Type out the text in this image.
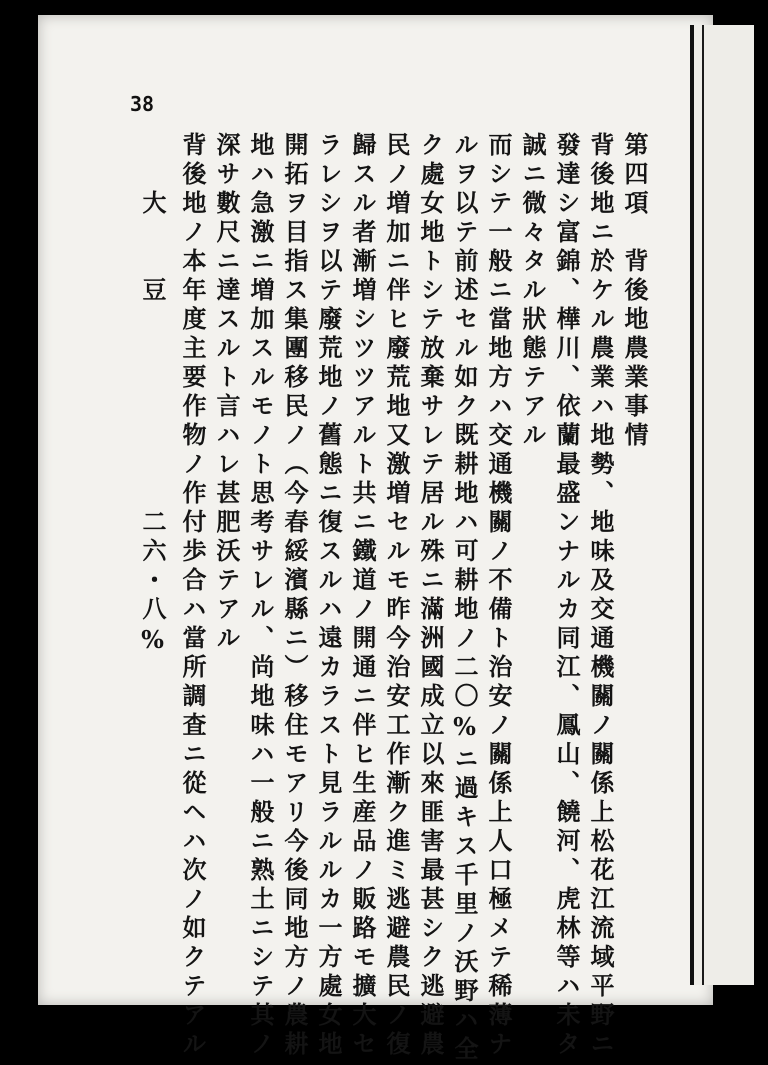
38
第四項　背後地農業事情
背後地ニ於ケル農業ハ地勢、地味及交通機關ノ關係上松花江流域平野ニ
發達シ富錦、樺川、依蘭最盛ンナルカ同江、鳳山、饒河、虎林等ハ未タ
誠ニ微々タル狀態テアル
而シテ一般ニ當地方ハ交通機關ノ不備ト治安ノ關係上人口極メテ稀薄ナ
ルヲ以テ前述セル如ク既耕地ハ可耕地ノ二〇%ニ過キス千里ノ沃野ハ全
ク處女地トシテ放棄サレテ居ル殊ニ滿洲國成立以來匪害最甚シク逃避農
民ノ増加ニ伴ヒ廢荒地又激増セルモ昨今治安工作漸ク進ミ逃避農民ノ復
歸スル者漸増シツツアルト共ニ鐵道ノ開通ニ伴ヒ生産品ノ販路モ擴大セ
ラレシヲ以テ廢荒地ノ舊態ニ復スルハ遠カラスト見ラルルカ一方處女地
開拓ヲ目指ス集團移民ノ（今春綏濱縣ニ）移住モアリ今後同地方ノ農耕
地ハ急激ニ増加スルモノト思考サレル、尚地味ハ一般ニ熟土ニシテ其ノ
深サ數尺ニ達スルト言ハレ甚肥沃テアル
背後地ノ本年度主要作物ノ作付歩合ハ當所調査ニ從ヘハ次ノ如クテアル
大　　豆　　　　　　　二六・八%
